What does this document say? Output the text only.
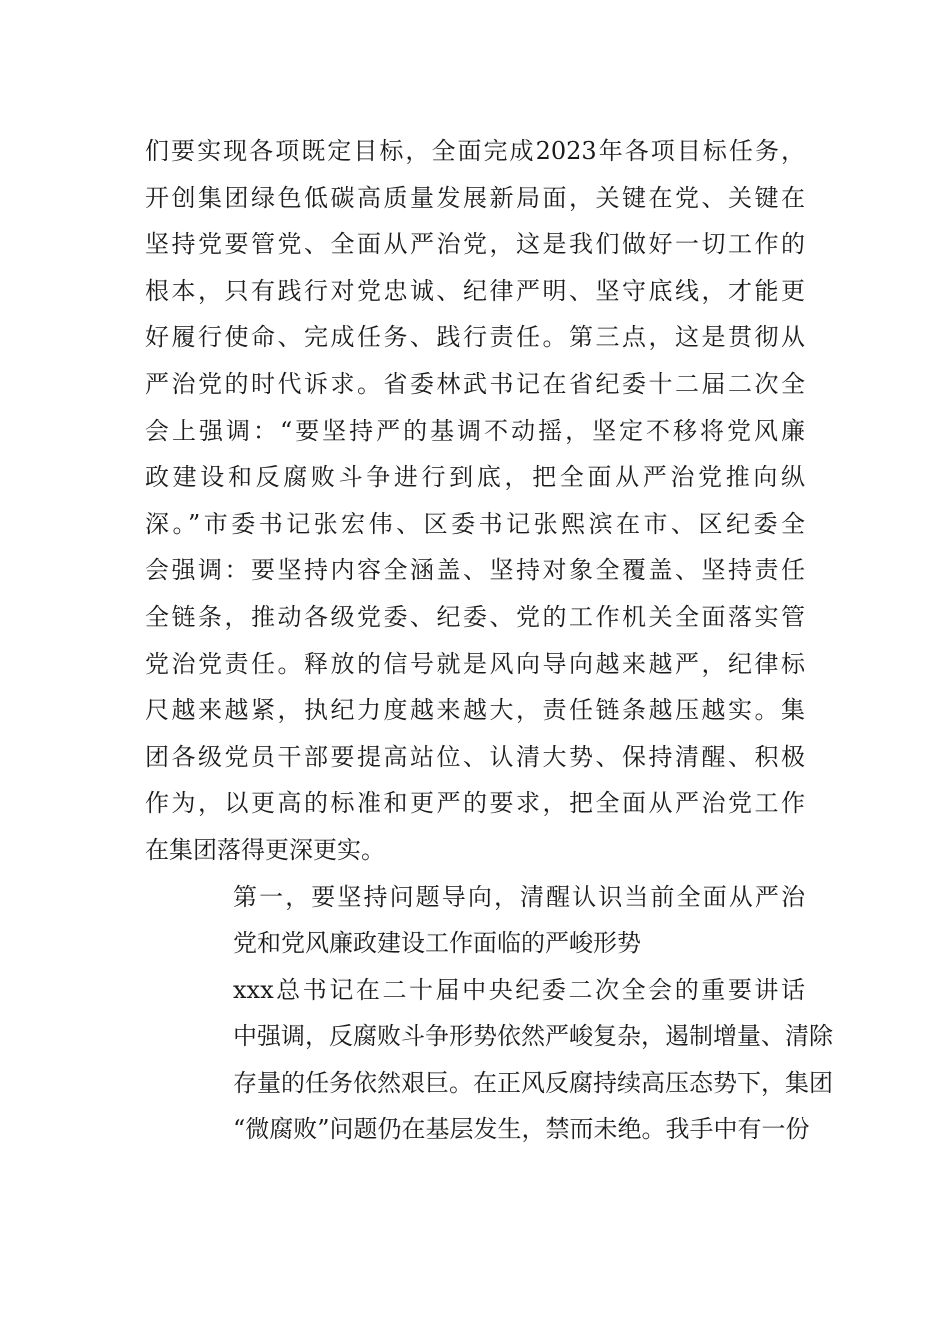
们要实现各项既定目标，全面完成2023年各项目标任务，
开创集团绿色低碳高质量发展新局面，关键在党、关键在
坚持党要管党、全面从严治党，这是我们做好一切工作的
根本，只有践行对党忠诚、纪律严明、坚守底线，才能更
好履行使命、完成任务、践行责任。第三点，这是贯彻从
严治党的时代诉求。省委林武书记在省纪委十二届二次全
会上强调：“要坚持严的基调不动摇，坚定不移将党风廉
政建设和反腐败斗争进行到底，把全面从严治党推向纵
深。”市委书记张宏伟、区委书记张熙滨在市、区纪委全
会强调：要坚持内容全涵盖、坚持对象全覆盖、坚持责任
全链条，推动各级党委、纪委、党的工作机关全面落实管
党治党责任。释放的信号就是风向导向越来越严，纪律标
尺越来越紧，执纪力度越来越大，责任链条越压越实。集
团各级党员干部要提高站位、认清大势、保持清醒、积极
作为，以更高的标准和更严的要求，把全面从严治党工作
在集团落得更深更实。

第一，要坚持问题导向，清醒认识当前全面从严治
党和党风廉政建设工作面临的严峻形势

xxx总书记在二十届中央纪委二次全会的重要讲话
中强调，反腐败斗争形势依然严峻复杂，遏制增量、清除
存量的任务依然艰巨。在正风反腐持续高压态势下，集团
“微腐败”问题仍在基层发生，禁而未绝。我手中有一份
